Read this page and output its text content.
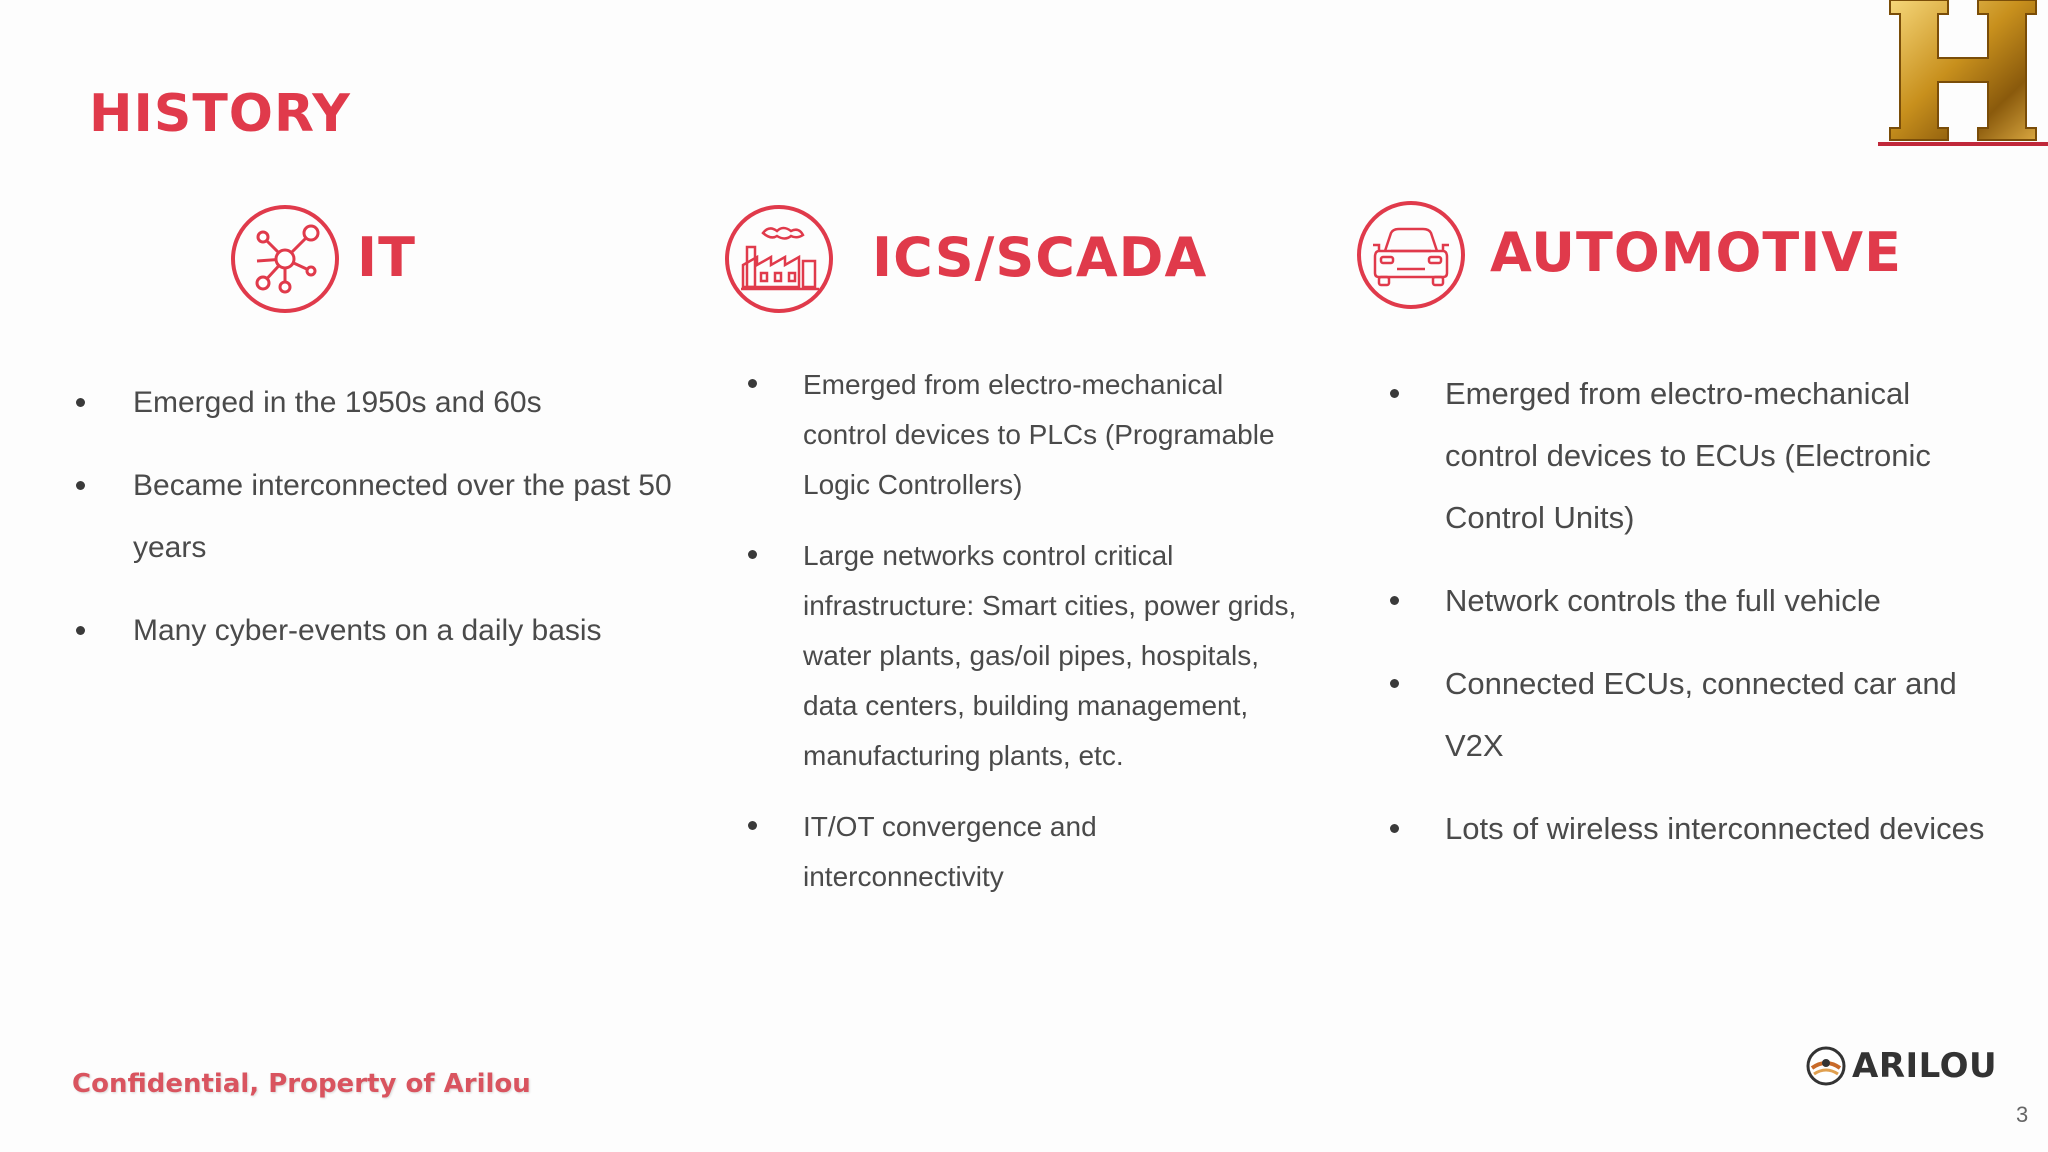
HISTORY
IT
Emerged in the 1950s and 60s
Became interconnected over the past 50 years
Many cyber-events on a daily basis
ICS/SCADA
Emerged from electro-mechanical control devices to PLCs (Programable Logic Controllers)
Large networks control critical infrastructure: Smart cities, power grids, water plants, gas/oil pipes, hospitals, data centers, building management, manufacturing plants, etc.
IT/OT convergence and interconnectivity
AUTOMOTIVE
Emerged from electro-mechanical control devices to ECUs (Electronic Control Units)
Network controls the full vehicle
Connected ECUs, connected car and V2X
Lots of wireless interconnected devices

Confidential, Property of Arilou	ARILOU
3
